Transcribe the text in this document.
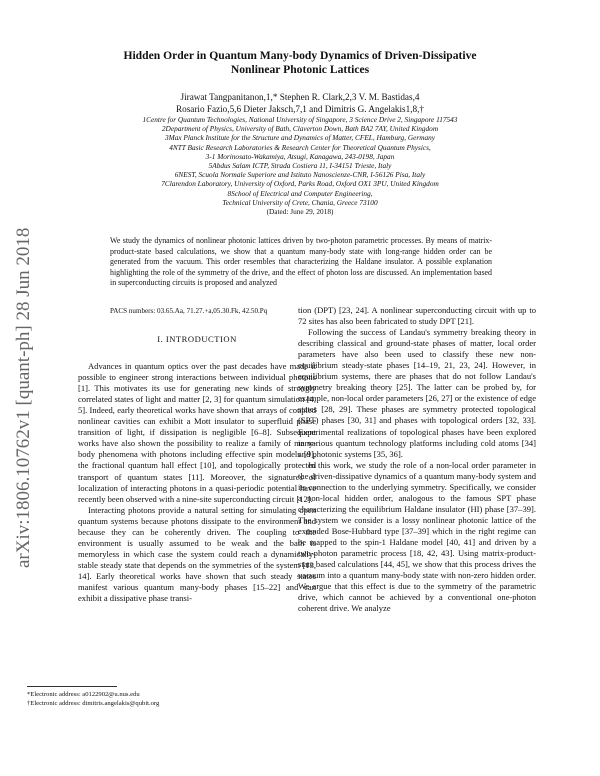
arXiv:1806.10762v1 [quant-ph] 28 Jun 2018
Hidden Order in Quantum Many-body Dynamics of Driven-Dissipative
Nonlinear Photonic Lattices
Jirawat Tangpanitanon,1,* Stephen R. Clark,2,3 V. M. Bastidas,4
Rosario Fazio,5,6 Dieter Jaksch,7,1 and Dimitris G. Angelakis1,8,†
1Centre for Quantum Technologies, National University of Singapore, 3 Science Drive 2, Singapore 117543
2Department of Physics, University of Bath, Claverton Down, Bath BA2 7AY, United Kingdom
3Max Planck Institute for the Structure and Dynamics of Matter, CFEL, Hamburg, Germany
4NTT Basic Research Laboratories & Research Center for Theoretical Quantum Physics,
3-1 Morinosato-Wakamiya, Atsugi, Kanagawa, 243-0198, Japan
5Abdus Salam ICTP, Strada Costiera 11, I-34151 Trieste, Italy
6NEST, Scuola Normale Superiore and Istituto Nanoscienze-CNR, I-56126 Pisa, Italy
7Clarendon Laboratory, University of Oxford, Parks Road, Oxford OX1 3PU, United Kingdom
8School of Electrical and Computer Engineering,
Technical University of Crete, Chania, Greece 73100
(Dated: June 29, 2018)
We study the dynamics of nonlinear photonic lattices driven by two-photon parametric processes. By means of matrix-product-state based calculations, we show that a quantum many-body state with long-range hidden order can be generated from the vacuum. This order resembles that characterizing the Haldane insulator. A possible explanation highlighting the role of the symmetry of the drive, and the effect of photon loss are discussed. An implementation based in superconducting circuits is proposed and analyzed
PACS numbers: 03.65.Aa, 71.27.+a,05.30.Fk, 42.50.Pq
I. INTRODUCTION

Advances in quantum optics over the past decades have made it possible to engineer strong interactions between individual photons [1]. This motivates its use for generating new kinds of strongly correlated states of light and matter [2, 3] for quantum simulation [4, 5]. Indeed, early theoretical works have shown that arrays of coupled nonlinear cavities can exhibit a Mott insulator to superfluid phase transition of light, if dissipation is negligible [6–8]. Subsequent works have also shown the possibility to realize a family of many-body phenomena with photons including effective spin models [9], the fractional quantum hall effect [10], and topologically protected transport of quantum states [11]. Moreover, the signatures of localization of interacting photons in a quasi-periodic potential have recently been observed with a nine-site superconducting circuit [12].

Interacting photons provide a natural setting for simulating open quantum systems because photons dissipate to the environment and because they can be coherently driven. The coupling to the environment is usually assumed to be weak and the bath is memoryless in which case the system could reach a dynamically-stable steady state that depends on the symmetries of the system [13, 14]. Early theoretical works have shown that such steady states manifest various quantum many-body phases [15–22] and can exhibit a dissipative phase transi-

tion (DPT) [23, 24]. A nonlinear superconducting circuit with up to 72 sites has also been fabricated to study DPT [21].

Following the success of Landau's symmetry breaking theory in describing classical and ground-state phases of matter, local order parameters have also been used to classify these new non-equilibrium steady-state phases [14–19, 21, 23, 24]. However, in equilibrium systems, there are phases that do not follow Landau's symmetry breaking theory [25]. The latter can be probed by, for example, non-local order parameters [26, 27] or the existence of edge states [28, 29]. These phases are symmetry protected topological (SPT) phases [30, 31] and phases with topological orders [32, 33]. Experimental realizations of topological phases have been explored in various quantum technology platforms including cold atoms [34] and photonic systems [35, 36].

In this work, we study the role of a non-local order parameter in the driven-dissipative dynamics of a quantum many-body system and its connection to the underlying symmetry. Specifically, we consider a non-local hidden order, analogous to the famous SPT phase characterizing the equilibrium Haldane insulator (HI) phase [37–39]. The system we consider is a lossy nonlinear photonic lattice of the extended Bose-Hubbard type [37–39] which in the right regime can be mapped to the spin-1 Haldane model [40, 41] and driven by a two-photon parametric process [18, 42, 43]. Using matrix-product-state based calculations [44, 45], we show that this process drives the vacuum into a quantum many-body state with non-zero hidden order. We argue that this effect is due to the symmetry of the parametric drive, which cannot be achieved by a conventional one-photon coherent drive. We analyze

*Electronic address: a0122902@u.nus.edu
†Electronic address: dimitris.angelakis@qubit.org
